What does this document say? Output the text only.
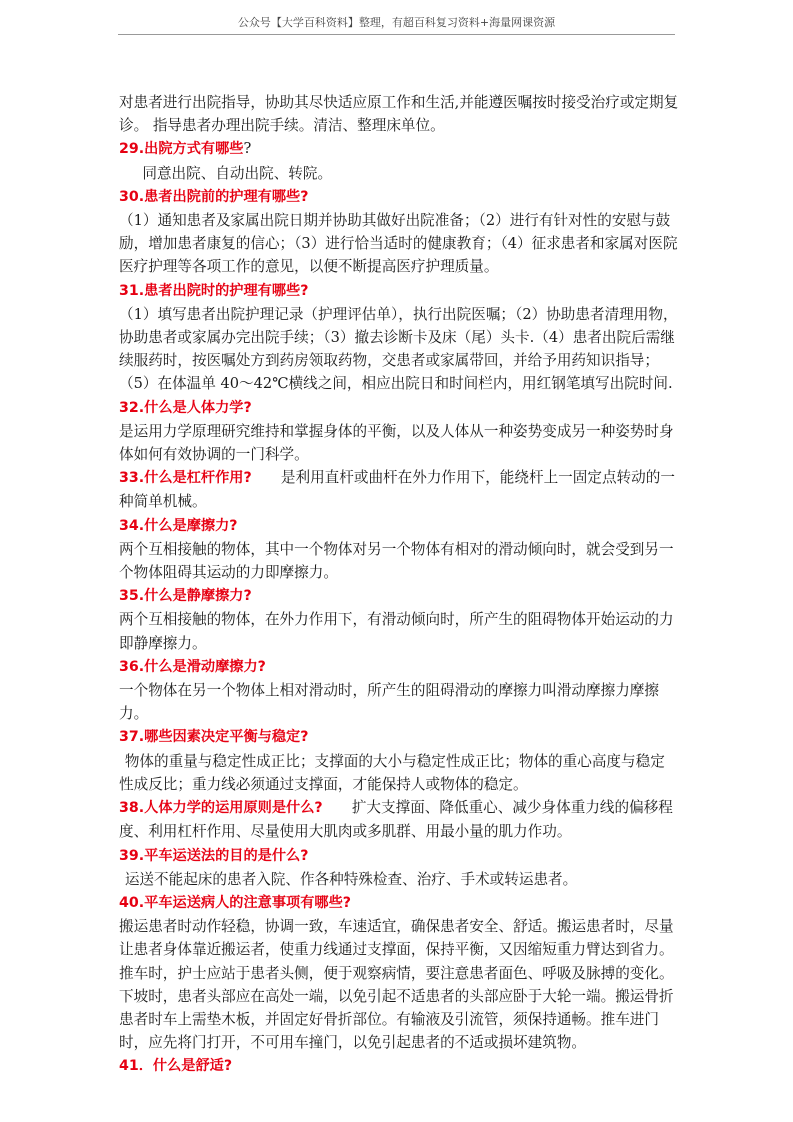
公众号【大学百科资料】整理，有超百科复习资料+海量网课资源

对患者进行出院指导，协助其尽快适应原工作和生活,并能遵医嘱按时接受治疗或定期复诊。 指导患者办理出院手续。清洁、整理床单位。

29.出院方式有哪些?

同意出院、自动出院、转院。

30.患者出院前的护理有哪些?

（1）通知患者及家属出院日期并协助其做好出院准备；（2）进行有针对性的安慰与鼓励，增加患者康复的信心；（3）进行恰当适时的健康教育；（4）征求患者和家属对医院医疗护理等各项工作的意见，以便不断提高医疗护理质量。

31.患者出院时的护理有哪些?

（1）填写患者出院护理记录（护理评估单），执行出院医嘱；（2）协助患者清理用物，协助患者或家属办完出院手续；（3）撤去诊断卡及床（尾）头卡.（4）患者出院后需继续服药时，按医嘱处方到药房领取药物，交患者或家属带回，并给予用药知识指导；（5）在体温单 40～42℃横线之间，相应出院日和时间栏内，用红钢笔填写出院时间.

32.什么是人体力学?

是运用力学原理研究维持和掌握身体的平衡，以及人体从一种姿势变成另一种姿势时身体如何有效协调的一门科学。

33.什么是杠杆作用?　　是利用直杆或曲杆在外力作用下，能绕杆上一固定点转动的一种简单机械。

34.什么是摩擦力?

两个互相接触的物体，其中一个物体对另一个物体有相对的滑动倾向时，就会受到另一个物体阻碍其运动的力即摩擦力。

35.什么是静摩擦力?

两个互相接触的物体，在外力作用下，有滑动倾向时，所产生的阻碍物体开始运动的力即静摩擦力。

36.什么是滑动摩擦力?

一个物体在另一个物体上相对滑动时，所产生的阻碍滑动的摩擦力叫滑动摩擦力摩擦力。

37.哪些因素决定平衡与稳定?

物体的重量与稳定性成正比；支撑面的大小与稳定性成正比；物体的重心高度与稳定性成反比；重力线必须通过支撑面，才能保持人或物体的稳定。

38.人体力学的运用原则是什么?　　扩大支撑面、降低重心、减少身体重力线的偏移程度、利用杠杆作用、尽量使用大肌肉或多肌群、用最小量的肌力作功。

39.平车运送法的目的是什么?

运送不能起床的患者入院、作各种特殊检查、治疗、手术或转运患者。

40.平车运送病人的注意事项有哪些?

搬运患者时动作轻稳，协调一致，车速适宜，确保患者安全、舒适。搬运患者时，尽量让患者身体靠近搬运者，使重力线通过支撑面，保持平衡，又因缩短重力臂达到省力。推车时，护士应站于患者头侧，便于观察病情，要注意患者面色、呼吸及脉搏的变化。下坡时，患者头部应在高处一端，以免引起不适患者的头部应卧于大轮一端。搬运骨折患者时车上需垫木板，并固定好骨折部位。有输液及引流管，须保持通畅。推车进门时，应先将门打开，不可用车撞门，以免引起患者的不适或损坏建筑物。

41．什么是舒适?
